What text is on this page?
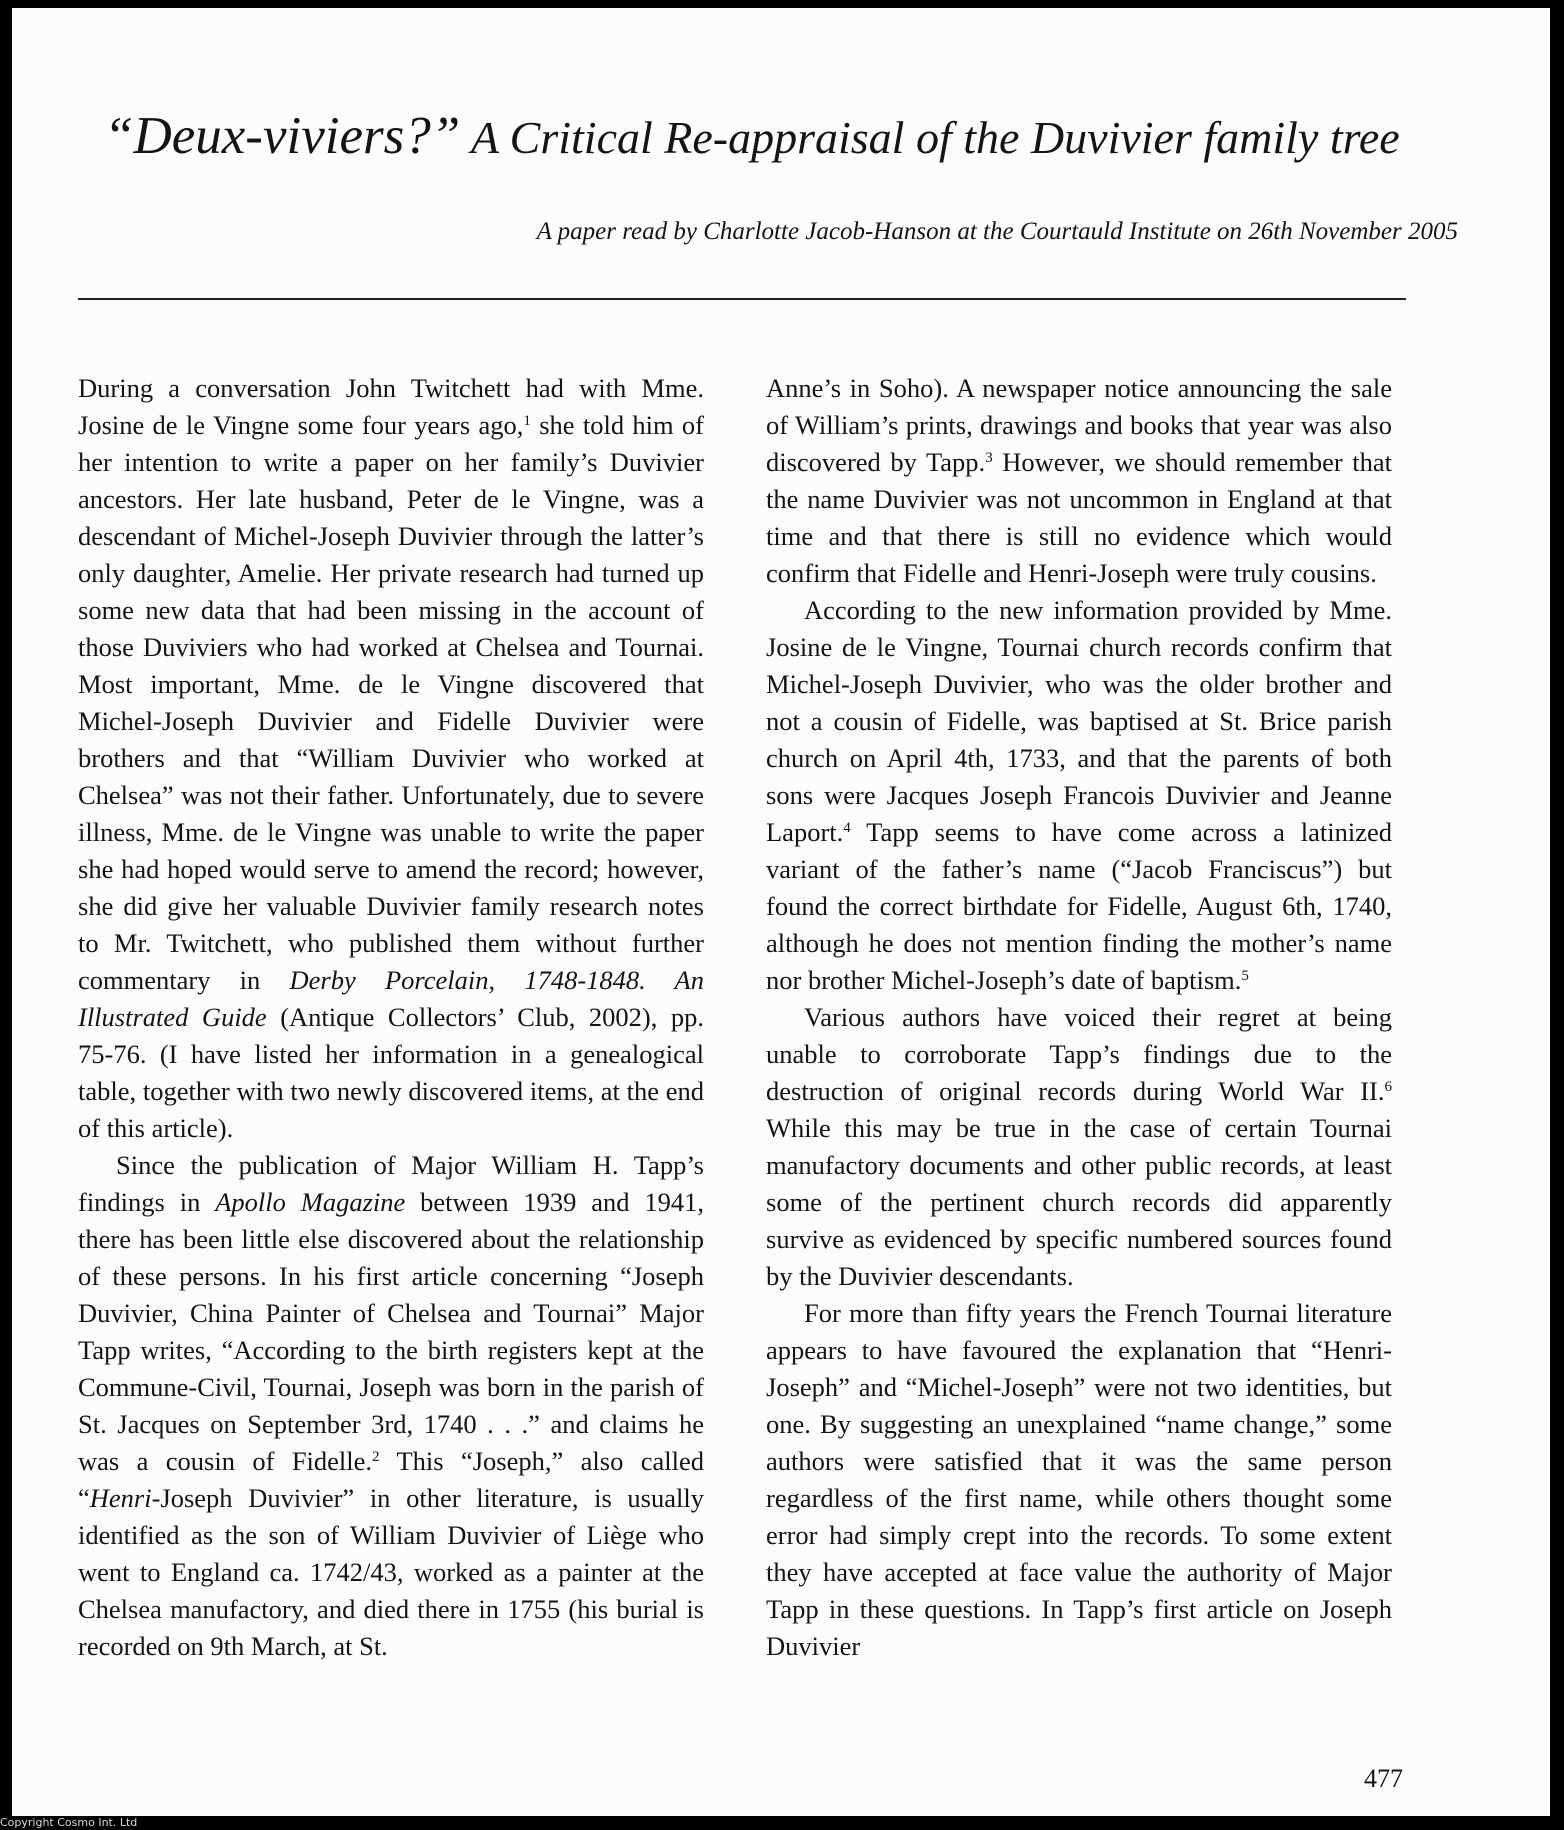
“Deux-viviers?” A Critical Re-appraisal of the Duvivier family tree

A paper read by Charlotte Jacob-Hanson at the Courtauld Institute on 26th November 2005

During a conversation John Twitchett had with Mme. Josine de le Vingne some four years ago,$^1$ she told him of her intention to write a paper on her family’s Duvivier ancestors. Her late husband, Peter de le Vingne, was a descendant of Michel-Joseph Duvivier through the latter’s only daughter, Amelie. Her private research had turned up some new data that had been missing in the account of those Duviviers who had worked at Chelsea and Tournai. Most important, Mme. de le Vingne discovered that Michel-Joseph Duvivier and Fidelle Duvivier were brothers and that “William Duvivier who worked at Chelsea” was not their father. Unfortunately, due to severe illness, Mme. de le Vingne was unable to write the paper she had hoped would serve to amend the record; however, she did give her valuable Duvivier family research notes to Mr. Twitchett, who published them without further commentary in Derby Porcelain, 1748-1848. An Illustrated Guide (Antique Collectors’ Club, 2002), pp. 75-76. (I have listed her information in a genealogical table, together with two newly discovered items, at the end of this article).

Since the publication of Major William H. Tapp’s findings in Apollo Magazine between 1939 and 1941, there has been little else discovered about the relationship of these persons. In his first article concerning “Joseph Duvivier, China Painter of Chelsea and Tournai” Major Tapp writes, “According to the birth registers kept at the Commune-Civil, Tournai, Joseph was born in the parish of St. Jacques on September 3rd, 1740 . . .” and claims he was a cousin of Fidelle.$^2$ This “Joseph,” also called “Henri-Joseph Duvivier” in other literature, is usually identified as the son of William Duvivier of Liège who went to England ca. 1742/43, worked as a painter at the Chelsea manufactory, and died there in 1755 (his burial is recorded on 9th March, at St.

Anne’s in Soho). A newspaper notice announcing the sale of William’s prints, drawings and books that year was also discovered by Tapp.$^3$ However, we should remember that the name Duvivier was not uncommon in England at that time and that there is still no evidence which would confirm that Fidelle and Henri-Joseph were truly cousins.

According to the new information provided by Mme. Josine de le Vingne, Tournai church records confirm that Michel-Joseph Duvivier, who was the older brother and not a cousin of Fidelle, was baptised at St. Brice parish church on April 4th, 1733, and that the parents of both sons were Jacques Joseph Francois Duvivier and Jeanne Laport.$^4$ Tapp seems to have come across a latinized variant of the father’s name (“Jacob Franciscus”) but found the correct birthdate for Fidelle, August 6th, 1740, although he does not mention finding the mother’s name nor brother Michel-Joseph’s date of baptism.$^5$

Various authors have voiced their regret at being unable to corroborate Tapp’s findings due to the destruction of original records during World War II.$^6$ While this may be true in the case of certain Tournai manufactory documents and other public records, at least some of the pertinent church records did apparently survive as evidenced by specific numbered sources found by the Duvivier descendants.

For more than fifty years the French Tournai literature appears to have favoured the explanation that “Henri-Joseph” and “Michel-Joseph” were not two identities, but one. By suggesting an unexplained “name change,” some authors were satisfied that it was the same person regardless of the first name, while others thought some error had simply crept into the records. To some extent they have accepted at face value the authority of Major Tapp in these questions. In Tapp’s first article on Joseph Duvivier

477
Copyright Cosmo Int. Ltd
